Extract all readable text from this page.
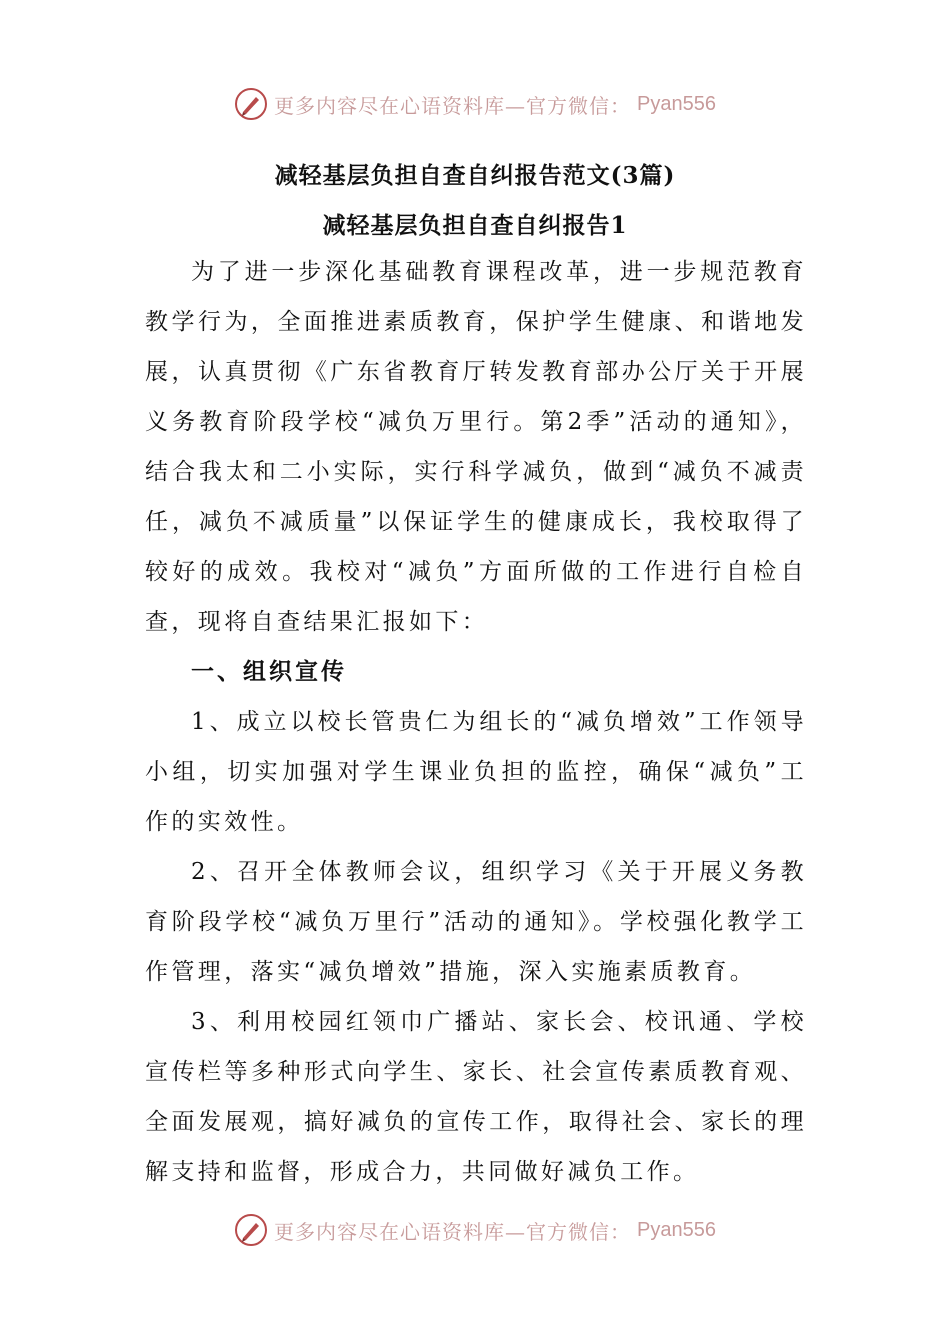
更多内容尽在心语资料库—官方微信： Pyan556
减轻基层负担自查自纠报告范文(3篇)
减轻基层负担自查自纠报告1

为了进一步深化基础教育课程改革，进一步规范教育教学行为，全面推进素质教育，保护学生健康、和谐地发展，认真贯彻《广东省教育厅转发教育部办公厅关于开展义务教育阶段学校“减负万里行。第2季”活动的通知》，结合我太和二小实际，实行科学减负，做到“减负不减责任，减负不减质量”以保证学生的健康成长，我校取得了较好的成效。我校对“减负”方面所做的工作进行自检自查，现将自查结果汇报如下：

一、组织宣传

1、成立以校长管贵仁为组长的“减负增效”工作领导小组，切实加强对学生课业负担的监控，确保“减负”工作的实效性。

2、召开全体教师会议，组织学习《关于开展义务教育阶段学校“减负万里行”活动的通知》。学校强化教学工作管理，落实“减负增效”措施，深入实施素质教育。

3、利用校园红领巾广播站、家长会、校讯通、学校宣传栏等多种形式向学生、家长、社会宣传素质教育观、全面发展观，搞好减负的宣传工作，取得社会、家长的理解支持和监督，形成合力，共同做好减负工作。

更多内容尽在心语资料库—官方微信： Pyan556
